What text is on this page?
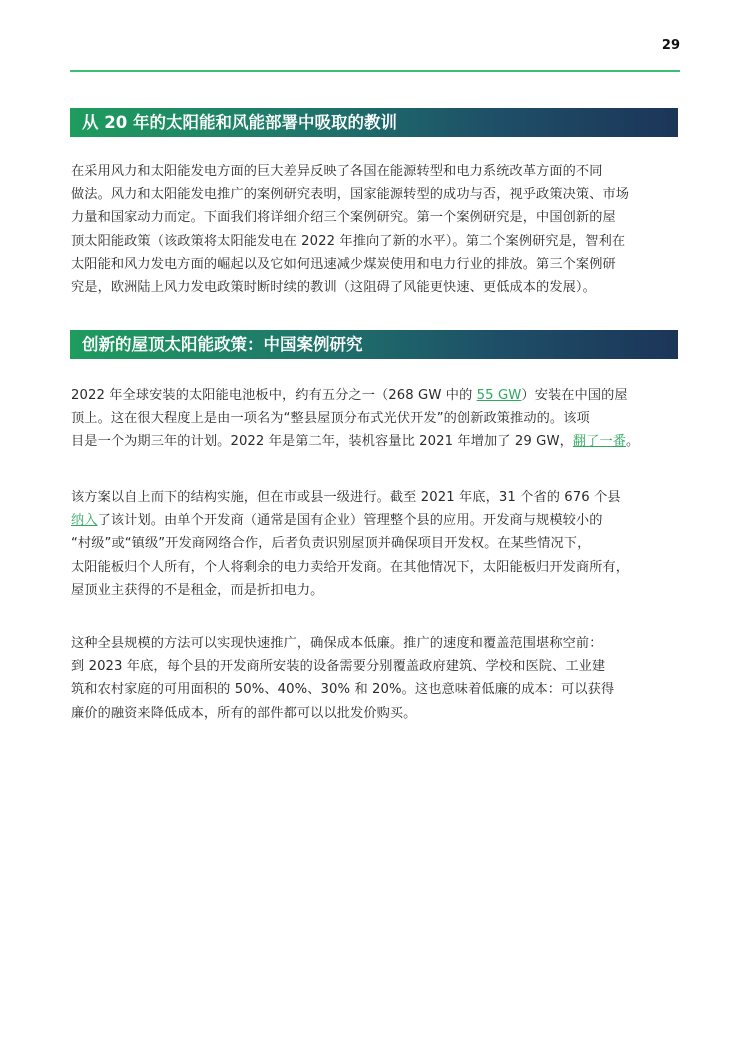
29
从 20 年的太阳能和风能部署中吸取的教训
在采用风力和太阳能发电方面的巨大差异反映了各国在能源转型和电力系统改革方面的不同
做法。风力和太阳能发电推广的案例研究表明，国家能源转型的成功与否，视乎政策决策、市场
力量和国家动力而定。下面我们将详细介绍三个案例研究。第一个案例研究是，中国创新的屋
顶太阳能政策（该政策将太阳能发电在 2022 年推向了新的水平）。第二个案例研究是，智利在
太阳能和风力发电方面的崛起以及它如何迅速减少煤炭使用和电力行业的排放。第三个案例研
究是，欧洲陆上风力发电政策时断时续的教训（这阻碍了风能更快速、更低成本的发展）。
创新的屋顶太阳能政策：中国案例研究
2022 年全球安装的太阳能电池板中，约有五分之一（268 GW 中的 55 GW）安装在中国的屋
顶上。这在很大程度上是由一项名为“整县屋顶分布式光伏开发”的创新政策推动的。该项
目是一个为期三年的计划。2022 年是第二年，装机容量比 2021 年增加了 29 GW，翻了一番。
该方案以自上而下的结构实施，但在市或县一级进行。截至 2021 年底，31 个省的 676 个县
纳入了该计划。由单个开发商（通常是国有企业）管理整个县的应用。开发商与规模较小的
“村级”或“镇级”开发商网络合作，后者负责识别屋顶并确保项目开发权。在某些情况下，
太阳能板归个人所有，个人将剩余的电力卖给开发商。在其他情况下，太阳能板归开发商所有，
屋顶业主获得的不是租金，而是折扣电力。
这种全县规模的方法可以实现快速推广，确保成本低廉。推广的速度和覆盖范围堪称空前：
到 2023 年底，每个县的开发商所安装的设备需要分别覆盖政府建筑、学校和医院、工业建
筑和农村家庭的可用面积的 50%、40%、30% 和 20%。这也意味着低廉的成本：可以获得
廉价的融资来降低成本，所有的部件都可以以批发价购买。
